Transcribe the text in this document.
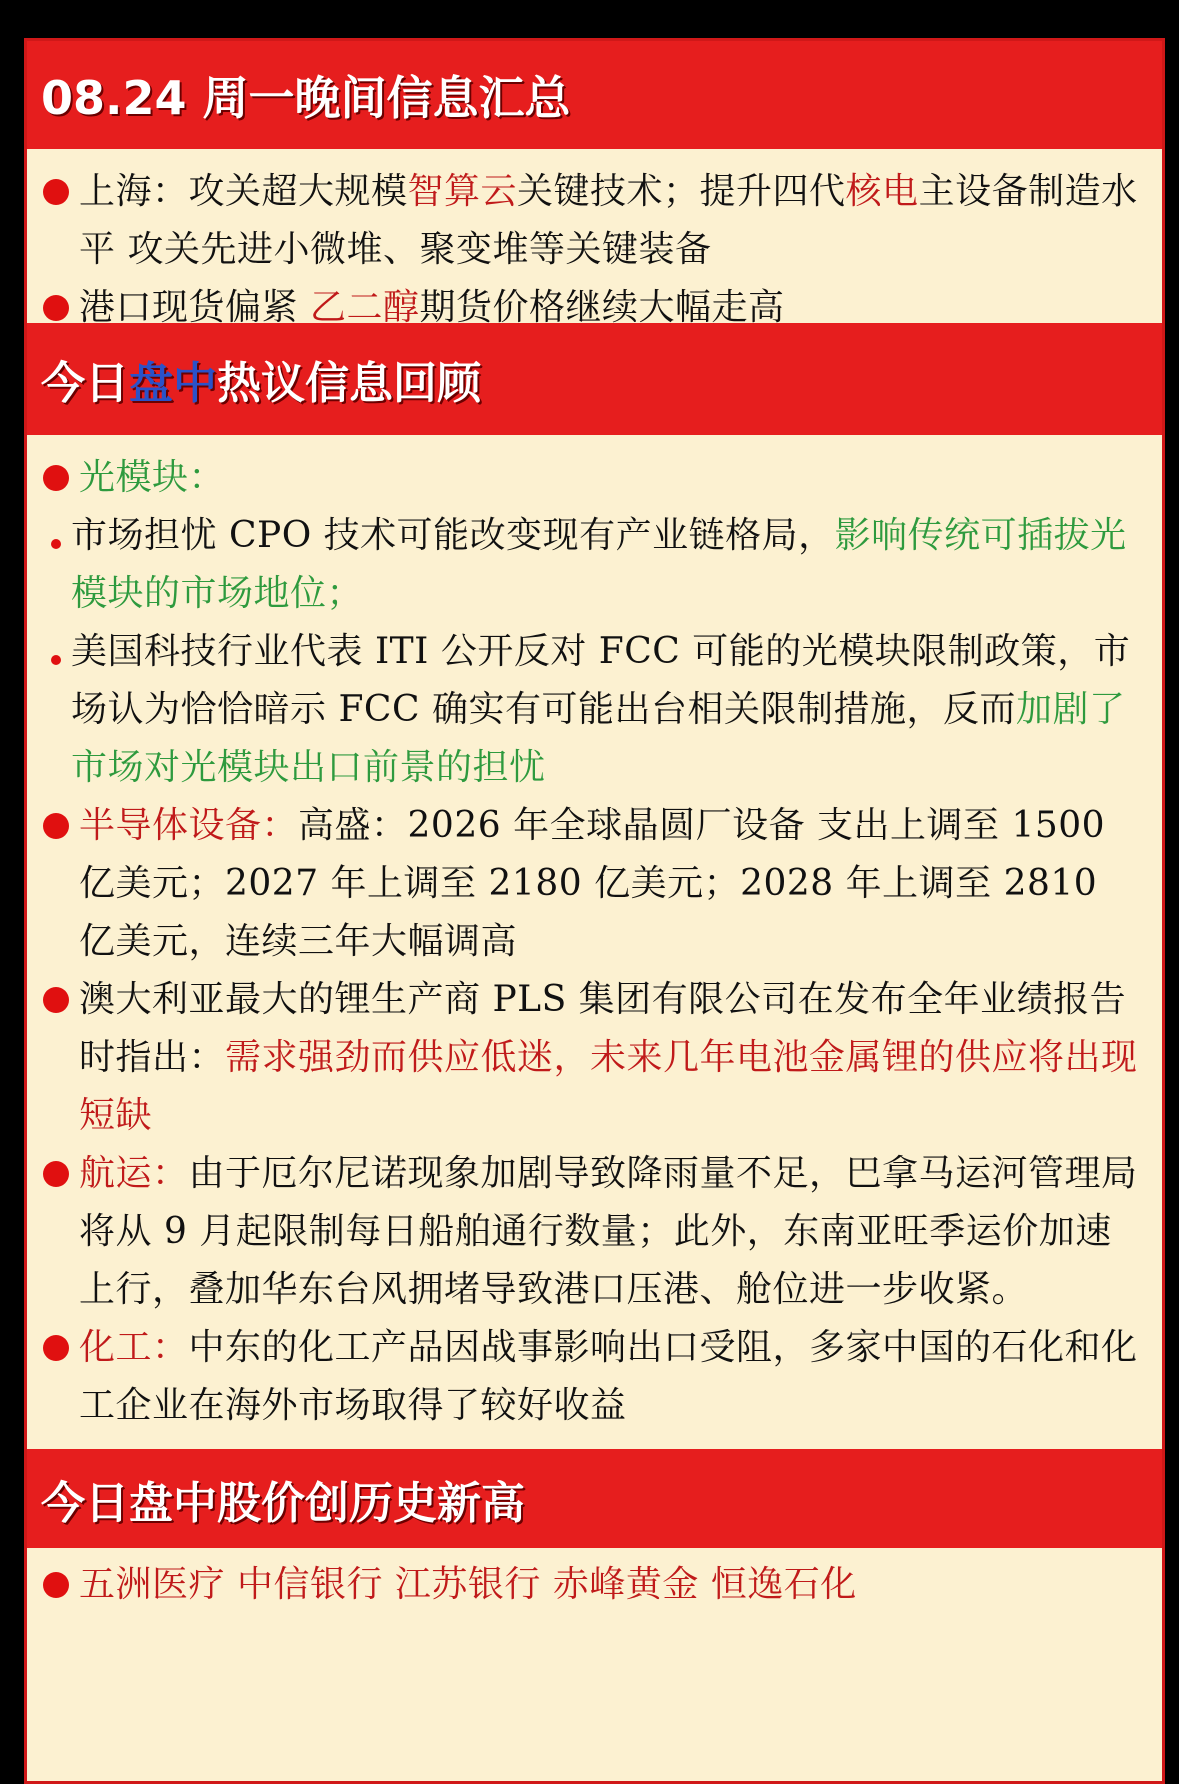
08.24 周一晚间信息汇总
上海：攻关超大规模智算云关键技术；提升四代核电主设备制造水平 攻关先进小微堆、聚变堆等关键装备
港口现货偏紧 乙二醇期货价格继续大幅走高
今日 盘中 热议信息回顾
光模块：
市场担忧 CPO 技术可能改变现有产业链格局，影响传统可插拔光模块的市场地位；
美国科技行业代表 ITI 公开反对 FCC 可能的光模块限制政策，市场认为恰恰暗示 FCC 确实有可能出台相关限制措施，反而加剧了市场对光模块出口前景的担忧
半导体设备：高盛：2026 年全球晶圆厂设备 支出上调至 1500 亿美元；2027 年上调至 2180 亿美元；2028 年上调至 2810 亿美元，连续三年大幅调高
澳大利亚最大的锂生产商 PLS 集团有限公司在发布全年业绩报告时指出：需求强劲而供应低迷，未来几年电池金属锂的供应将出现短缺
航运：由于厄尔尼诺现象加剧导致降雨量不足，巴拿马运河管理局将从 9 月起限制每日船舶通行数量；此外，东南亚旺季运价加速上行，叠加华东台风拥堵导致港口压港、舱位进一步收紧。
化工：中东的化工产品因战事影响出口受阻，多家中国的石化和化工企业在海外市场取得了较好收益
今日盘中股价创历史新高
五洲医疗 中信银行 江苏银行 赤峰黄金 恒逸石化
